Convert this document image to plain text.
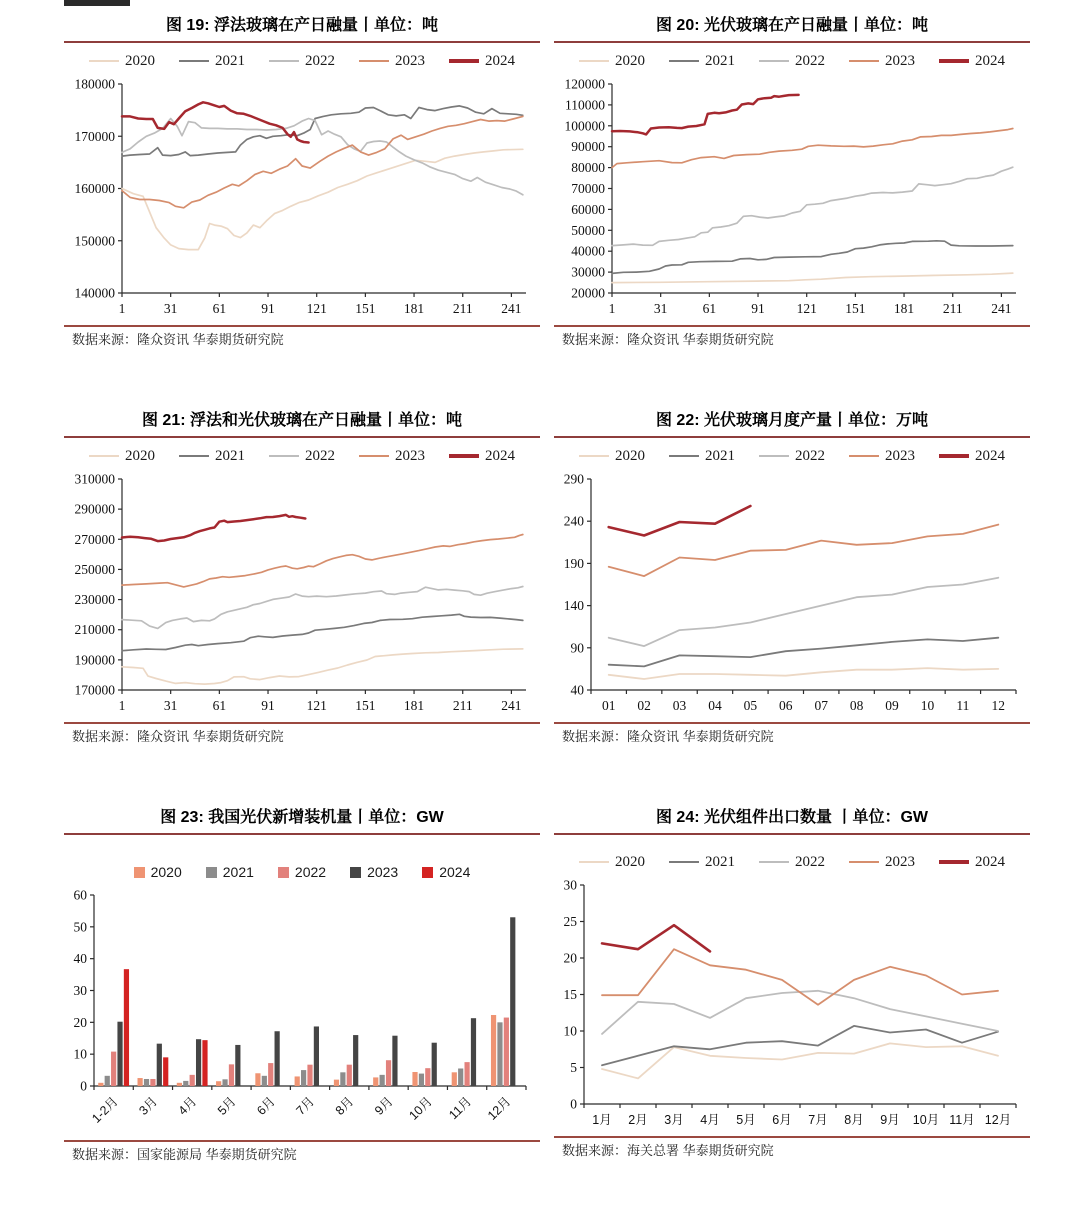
图 19: 浮法玻璃在产日融量丨单位：吨
2020	2021	2022	2023	2024
140000
150000
160000
170000
180000
1	31	61	91 121 151 181 211 241

数据来源：隆众资讯 华泰期货研究院

图 20: 光伏玻璃在产日融量丨单位：吨
2020	2021	2022	2023	2024
20000
30000
40000
50000
60000
70000
80000
90000
100000
110000
120000
1	31	61	91 121 151 181 211 241

数据来源：隆众资讯 华泰期货研究院

图 21: 浮法和光伏玻璃在产日融量丨单位：吨
2020	2021	2022	2023	2024
170000
190000
210000
230000
250000
270000
290000
310000
1	31	61	91 121 151 181 211 241

数据来源：隆众资讯 华泰期货研究院

图 22: 光伏玻璃月度产量丨单位：万吨
2020	2021	2022	2023	2024
40
90
140
190
240
290
01 02 03 04 05 06 07 08 09 10 11 12

数据来源：隆众资讯 华泰期货研究院

图 23: 我国光伏新增装机量丨单位：GW
2020	2021	2022	2023	2024
0
10
20
30
40
50
60
1-2月 3月 4月 5月 6月 7月 8月 9月 10月 11月 12月

数据来源：国家能源局 华泰期货研究院

图 24: 光伏组件出口数量 丨单位：GW
2020	2021	2022	2023	2024
0
5
10
15
20
25
30
1月 2月 3月 4月 5月 6月 7月 8月 9月 10月 11月 12月

数据来源：海关总署 华泰期货研究院
